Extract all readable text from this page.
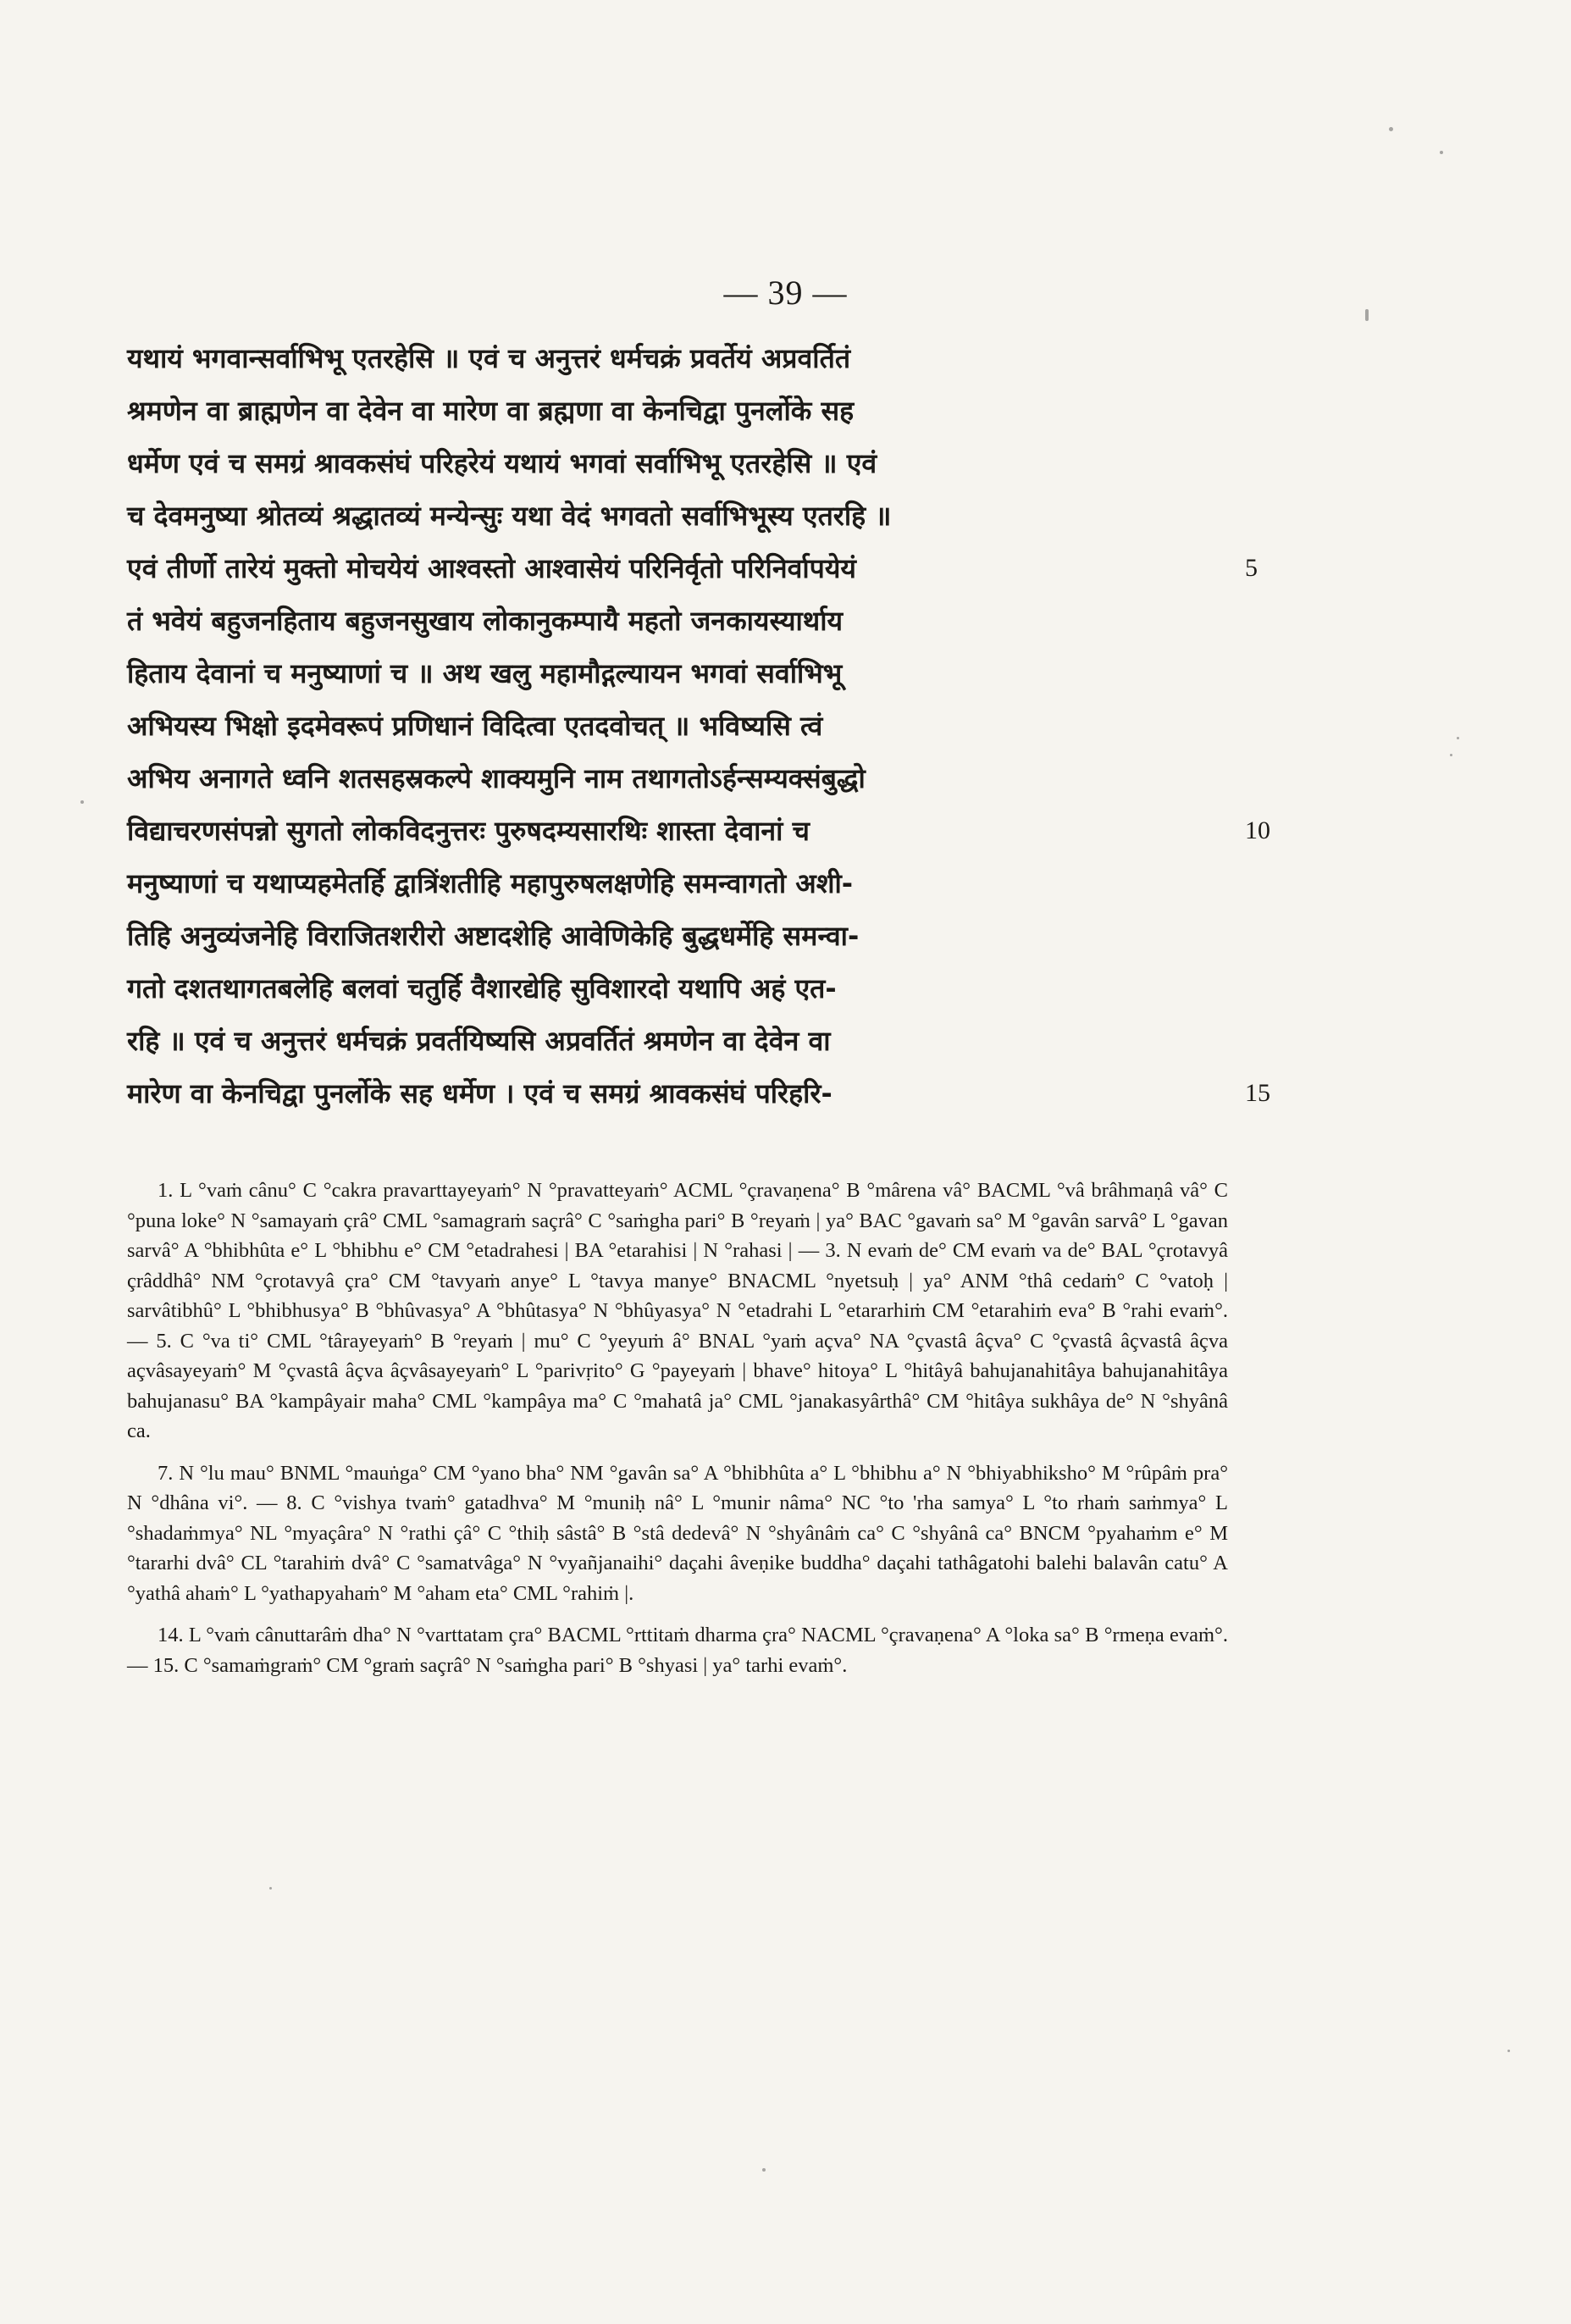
— 39 —
यथायं भगवान्सर्वाभिभू एतरहेसि ॥ एवं च अनुत्तरं धर्मचक्रं प्रवर्तेयं अप्रवर्तितं
श्रमणेन वा ब्राह्मणेन वा देवेन वा मारेण वा ब्रह्मणा वा केनचिद्वा पुनर्लोके सह
धर्मेण एवं च समग्रं श्रावकसंघं परिहरेयं यथायं भगवां सर्वाभिभू एतरहेसि ॥ एवं
च देवमनुष्या श्रोतव्यं श्रद्धातव्यं मन्येन्सुः यथा वेदं भगवतो सर्वाभिभूस्य एतरहि ॥
एवं तीर्णो तारेयं मुक्तो मोचयेयं आश्वस्तो आश्वासेयं परिनिर्वृतो परिनिर्वापयेयं	5
तं भवेयं बहुजनहिताय बहुजनसुखाय लोकानुकम्पायै महतो जनकायस्यार्थाय
हिताय देवानां च मनुष्याणां च ॥ अथ खलु महामौद्गल्यायन भगवां सर्वाभिभू
अभियस्य भिक्षो इदमेवरूपं प्रणिधानं विदित्वा एतदवोचत् ॥ भविष्यसि त्वं
अभिय अनागते ध्वनि शतसहस्रकल्पे शाक्यमुनि नाम तथागतोऽर्हन्सम्यक्संबुद्धो
विद्याचरणसंपन्नो सुगतो लोकविदनुत्तरः पुरुषदम्यसारथिः शास्ता देवानां च	10
मनुष्याणां च यथाप्यहमेतर्हि द्वात्रिंशतीहि महापुरुषलक्षणेहि समन्वागतो अशी-
तिहि अनुव्यंजनेहि विराजितशरीरो अष्टादशेहि आवेणिकेहि बुद्धधर्मेहि समन्वा-
गतो दशतथागतबलेहि बलवां चतुर्हि वैशारद्येहि सुविशारदो यथापि अहं एत-
रहि ॥ एवं च अनुत्तरं धर्मचक्रं प्रवर्तयिष्यसि अप्रवर्तितं श्रमणेन वा देवेन वा
मारेण वा केनचिद्वा पुनर्लोके सह धर्मेण । एवं च समग्रं श्रावकसंघं परिहरि-	15

1. L °vaṁ cânu° C °cakra pravarttayeyaṁ° N °pravatteyaṁ° ACML °çravaṇena° B °mârena vâ° BACML °vâ brâhmaṇâ vâ° C °puna loke° N °samayaṁ çrâ° CML °samagraṁ saçrâ° C °saṁgha pari° B °reyaṁ | ya° BAC °gavaṁ sa° M °gavân sarvâ° L °gavan sarvâ° A °bhibhûta e° L °bhibhu e° CM °etadrahesi | BA °etarahisi | N °rahasi | — 3. N evaṁ de° CM evaṁ va de° BAL °çrotavyâ çrâddhâ° NM °çrotavyâ çra° CM °tavyaṁ anye° L °tavya manye° BNACML °nyetsuḥ | ya° ANM °thâ cedaṁ° C °vatoḥ | sarvâtibhû° L °bhibhusya° B °bhûvasya° A °bhûtasya° N °bhûyasya° N °etadrahi L °etararhiṁ CM °etarahiṁ eva° B °rahi evaṁ°. — 5. C °va ti° CML °târayeyaṁ° B °reyaṁ | mu° C °yeyuṁ â° BNAL °yaṁ açva° NA °çvastâ âçva° C °çvastâ âçvastâ âçva açvâsayeyaṁ° M °çvastâ âçva âçvâsayeyaṁ° L °parivṛito° G °payeyaṁ | bhave° hitoya° L °hitâyâ bahujanahitâya bahujanahitâya bahujanasu° BA °kampâyair maha° CML °kampâya ma° C °mahatâ ja° CML °janakasyârthâ° CM °hitâya sukhâya de° N °shyânâ ca.

7. N °lu mau° BNML °mauṅga° CM °yano bha° NM °gavân sa° A °bhibhûta a° L °bhibhu a° N °bhiyabhiksho° M °rûpâṁ pra° N °dhâna vi°. — 8. C °vishya tvaṁ° gatadhva° M °muniḥ nâ° L °munir nâma° NC °to 'rha samya° L °to rhaṁ saṁmya° L °shadaṁmya° NL °myaçâra° N °rathi çâ° C °thiḥ sâstâ° B °stâ dedevâ° N °shyânâṁ ca° C °shyânâ ca° BNCM °pyahaṁm e° M °tararhi dvâ° CL °tarahiṁ dvâ° C °samatvâga° N °vyañjanaihi° daçahi âveṇike buddha° daçahi tathâgatohi balehi balavân catu° A °yathâ ahaṁ° L °yathapyahaṁ° M °aham eta° CML °rahiṁ |.

14. L °vaṁ cânuttarâṁ dha° N °varttatam çra° BACML °rttitaṁ dharma çra° NACML °çravaṇena° A °loka sa° B °rmeṇa evaṁ°. — 15. C °samaṁgraṁ° CM °graṁ saçrâ° N °saṁgha pari° B °shyasi | ya° tarhi evaṁ°.
